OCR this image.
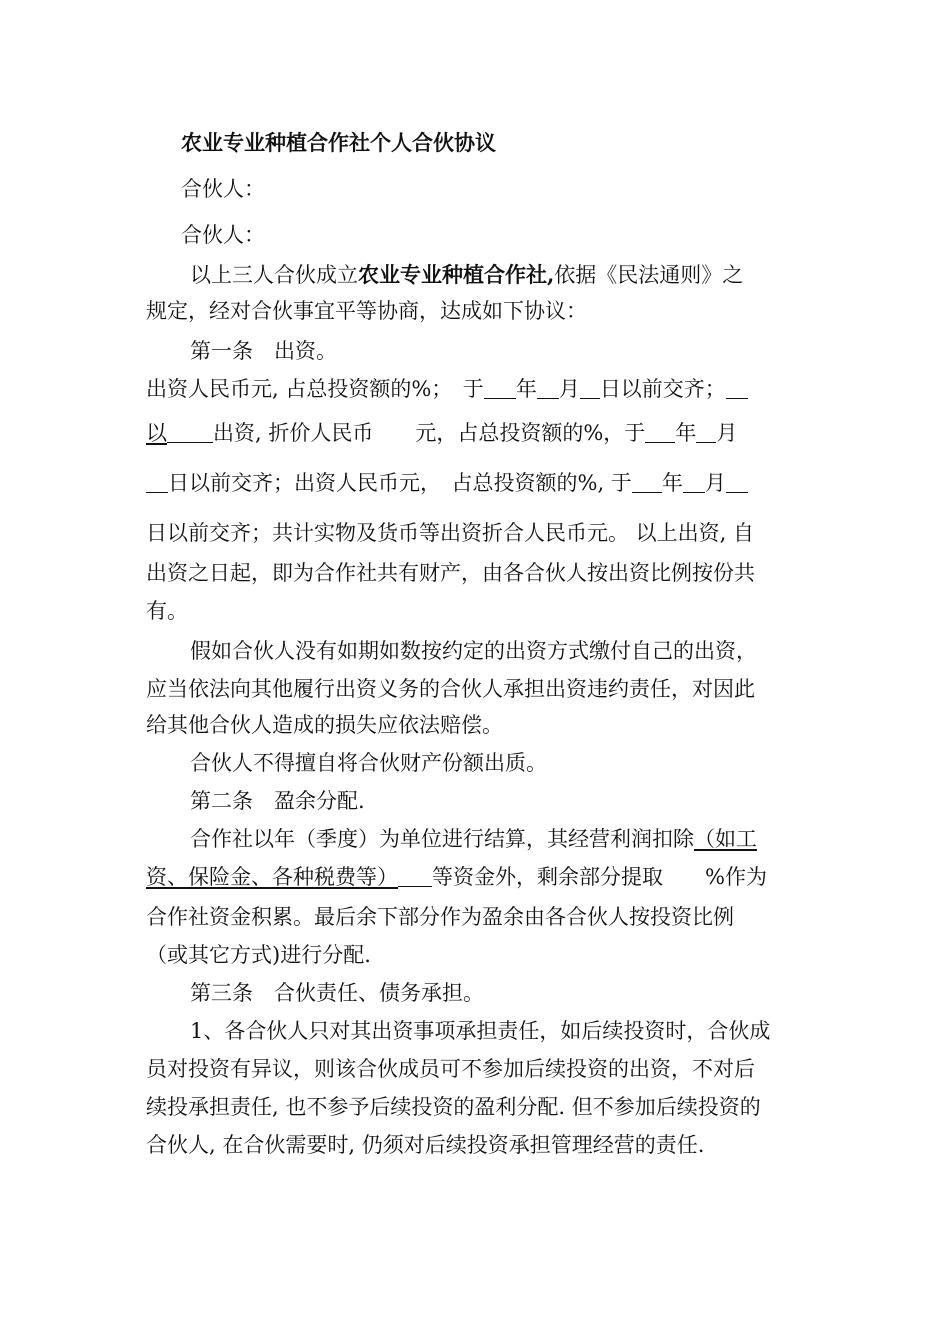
农业专业种植合作社个人合伙协议
合伙人：
合伙人：
以上三人合伙成立农业专业种植合作社,依据《民法通则》之
规定，经对合伙事宜平等协商，达成如下协议：
第一条　出资。
出资人民币元, 占总投资额的%；　于 年 月 日以前交齐；
以 出资, 折价人民币　　元，占总投资额的%，于 年 月
日以前交齐；出资人民币元，　占总投资额的%, 于 年 月
日以前交齐；共计实物及货币等出资折合人民币元。 以上出资, 自
出资之日起，即为合作社共有财产，由各合伙人按出资比例按份共
有。
假如合伙人没有如期如数按约定的出资方式缴付自己的出资，
应当依法向其他履行出资义务的合伙人承担出资违约责任，对因此
给其他合伙人造成的损失应依法赔偿。
合伙人不得擅自将合伙财产份额出质。
第二条　盈余分配.
合作社以年（季度）为单位进行结算，其经营利润扣除（如工
资、保险金、各种税费等） 等资金外，剩余部分提取　　%作为
合作社资金积累。最后余下部分作为盈余由各合伙人按投资比例
（或其它方式)进行分配.
第三条　合伙责任、债务承担。
1、各合伙人只对其出资事项承担责任，如后续投资时，合伙成
员对投资有异议，则该合伙成员可不参加后续投资的出资，不对后
续投承担责任, 也不参予后续投资的盈利分配. 但不参加后续投资的
合伙人, 在合伙需要时, 仍须对后续投资承担管理经营的责任.
